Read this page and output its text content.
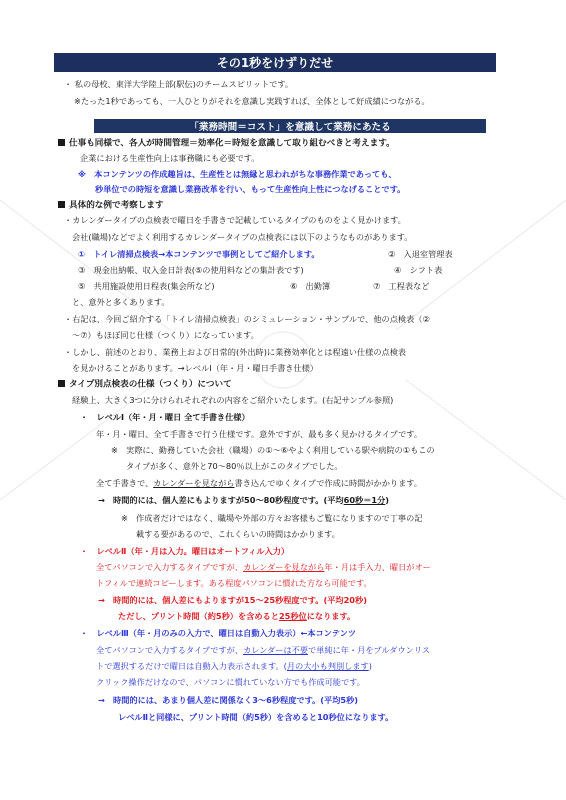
その1秒をけずりだせ
・ 私の母校、東洋大学陸上部(駅伝)のチームスピリットです。
※たった1秒であっても、一人ひとりがそれを意識し実践すれば、全体として好成績につながる。
「業務時間＝コスト」を意識して業務にあたる
仕事も同様で、各人が時間管理＝効率化＝時短を意識して取り組むべきと考えます。
企業における生産性向上は事務職にも必要です。
※　本コンテンツの作成趣旨は、生産性とは無縁と思われがちな事務作業であっても、
秒単位での時短を意識し業務改革を行い、もって生産性向上性につなげることです。
具体的な例で考察します
・カレンダータイプの点検表で曜日を手書きで記載しているタイプのものをよく見かけます。
会社(職場)などでよく利用するカレンダータイプの点検表には以下のようなものがあります。
①　トイレ清掃点検表→本コンテンツで事例としてご紹介します。	②　入退室管理表
③　現金出納帳、収入金日計表(⑤の使用料などの集計表です)	④　シフト表
⑤　共用施設使用日程表(集会所など)	⑥　出勤簿	⑦　工程表など
と、意外と多くあります。
・右記は、今回ご紹介する「トイレ清掃点検表」のシミュレーション・サンプルで、他の点検表（②
～⑦）もほぼ同じ仕様（つくり）になっています。
・しかし、前述のとおり、業務上および日常的(外出時)に業務効率化とは程遠い仕様の点検表
を見かけることがあります。→レベルⅠ（年・月・曜日手書き仕様）
タイプ別点検表の仕様（つくり）について
経験上、大きく3つに分けられそれぞれの内容をご紹介いたします。(右記サンプル参照)
・　レベルⅠ（年・月・曜日 全て手書き仕様）
年・月・曜日、全て手書きで行う仕様です。意外ですが、最も多く見かけるタイプです。
※　実際に、勤務していた会社（職場）の①～⑥やよく利用している駅や病院の①もこの
タイプが多く、意外と70～80％以上がこのタイプでした。
全て手書きで、カレンダーを見ながら書き込んでゆくタイプで作成に時間がかかります。
→　時間的には、個人差にもよりますが50～80秒程度です。(平均60秒＝1分)
※　作成者だけではなく、職場や外部の方々お客様もご覧になりますので丁寧の記
載する要があるので、これくらいの時間はかかります。
・　レベルⅡ（年・月は入力。曜日はオートフィル入力）
全てパソコンで入力するタイプですが、カレンダーを見ながら年・月は手入力、曜日がオー
トフィルで連続コピーします。ある程度パソコンに慣れた方なら可能です。
→　時間的には、個人差にもよりますが15～25秒程度です。(平均20秒)
ただし、プリント時間（約5秒）を含めると25秒位になります。
・　レベルⅢ（年・月のみの入力で、曜日は自動入力表示）←本コンテンツ
全てパソコンで入力するタイプですが、カレンダーは不要で単純に年・月をプルダウンリス
トで選択するだけで曜日は自動入力表示されます。(月の大小も判別します)
クリック操作だけなので、パソコンに慣れていない方でも作成可能です。
→　時間的には、あまり個人差に関係なく3～6秒程度です。(平均5秒)
レベルⅡと同様に、プリント時間（約5秒）を含めると10秒位になります。
